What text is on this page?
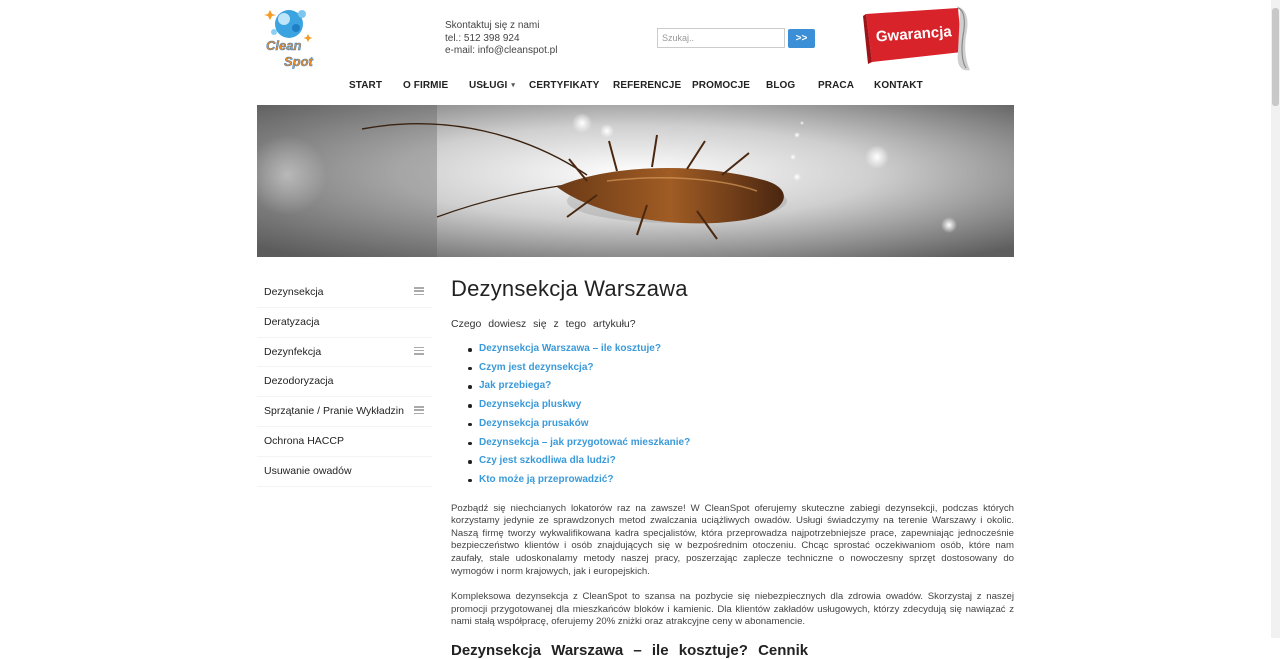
Clean
Spot
Skontaktuj się z nami
tel.: 512 398 924
e-mail: info@cleanspot.pl
Szukaj..	>>	Gwarancja
START O FIRMIE USŁUGI ▾ CERTYFIKATY REFERENCJE PROMOCJE BLOG PRACA KONTAKT
Dezynsekcja
Deratyzacja
Dezynfekcja
Dezodoryzacja
Sprzątanie / Pranie Wykładzin
Ochrona HACCP
Usuwanie owadów
Dezynsekcja Warszawa

Czego dowiesz się z tego artykułu?

Dezynsekcja Warszawa – ile kosztuje?
Czym jest dezynsekcja?
Jak przebiega?
Dezynsekcja pluskwy
Dezynsekcja prusaków
Dezynsekcja – jak przygotować mieszkanie?
Czy jest szkodliwa dla ludzi?
Kto może ją przeprowadzić?

Pozbądź się niechcianych lokatorów raz na zawsze! W CleanSpot oferujemy skuteczne zabiegi dezynsekcji, podczas których korzystamy jedynie ze sprawdzonych metod zwalczania uciążliwych owadów. Usługi świadczymy na terenie Warszawy i okolic. Naszą firmę tworzy wykwalifikowana kadra specjalistów, która przeprowadza najpotrzebniejsze prace, zapewniając jednocześnie bezpieczeństwo klientów i osób znajdujących się w bezpośrednim otoczeniu. Chcąc sprostać oczekiwaniom osób, które nam zaufały, stale udoskonalamy metody naszej pracy, poszerzając zaplecze techniczne o nowoczesny sprzęt dostosowany do wymogów i norm krajowych, jak i europejskich.

Kompleksowa dezynsekcja z CleanSpot to szansa na pozbycie się niebezpiecznych dla zdrowia owadów. Skorzystaj z naszej promocji przygotowanej dla mieszkańców bloków i kamienic. Dla klientów zakładów usługowych, którzy zdecydują się nawiązać z nami stałą współpracę, oferujemy 20% zniżki oraz atrakcyjne ceny w abonamencie.

Dezynsekcja Warszawa – ile kosztuje? Cennik
